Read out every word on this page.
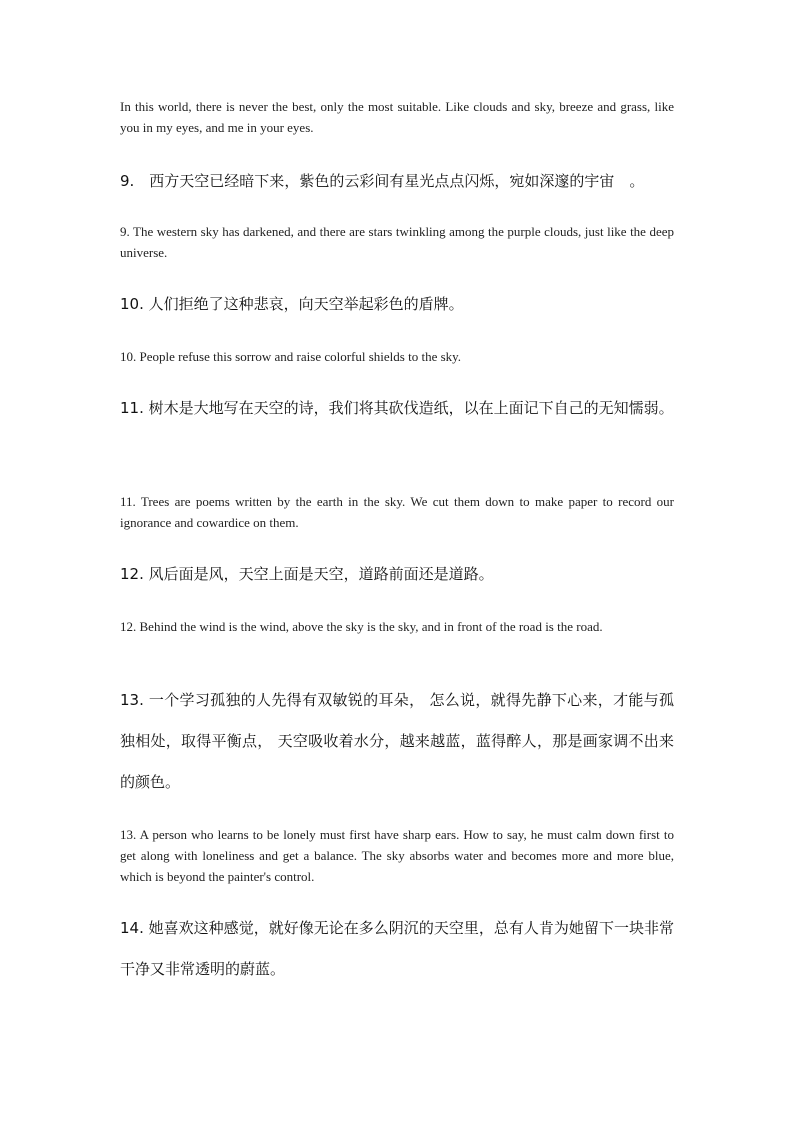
In this world, there is never the best, only the most suitable. Like clouds and sky, breeze and grass, like you in my eyes, and me in your eyes.

9.　西方天空已经暗下来，紫色的云彩间有星光点点闪烁，宛如深邃的宇宙　。

9. The western sky has darkened, and there are stars twinkling among the purple clouds, just like the deep universe.

10. 人们拒绝了这种悲哀，向天空举起彩色的盾牌。

10. People refuse this sorrow and raise colorful shields to the sky.

11. 树木是大地写在天空的诗，我们将其砍伐造纸，以在上面记下自己的无知懦弱。

11. Trees are poems written by the earth in the sky. We cut them down to make paper to record our ignorance and cowardice on them.

12. 风后面是风，天空上面是天空，道路前面还是道路。

12. Behind the wind is the wind, above the sky is the sky, and in front of the road is the road.

13. 一个学习孤独的人先得有双敏锐的耳朵， 怎么说，就得先静下心来，才能与孤独相处，取得平衡点， 天空吸收着水分，越来越蓝，蓝得醉人，那是画家调不出来的颜色。

13. A person who learns to be lonely must first have sharp ears. How to say, he must calm down first to get along with loneliness and get a balance. The sky absorbs water and becomes more and more blue, which is beyond the painter's control.

14. 她喜欢这种感觉，就好像无论在多么阴沉的天空里，总有人肯为她留下一块非常干净又非常透明的蔚蓝。
